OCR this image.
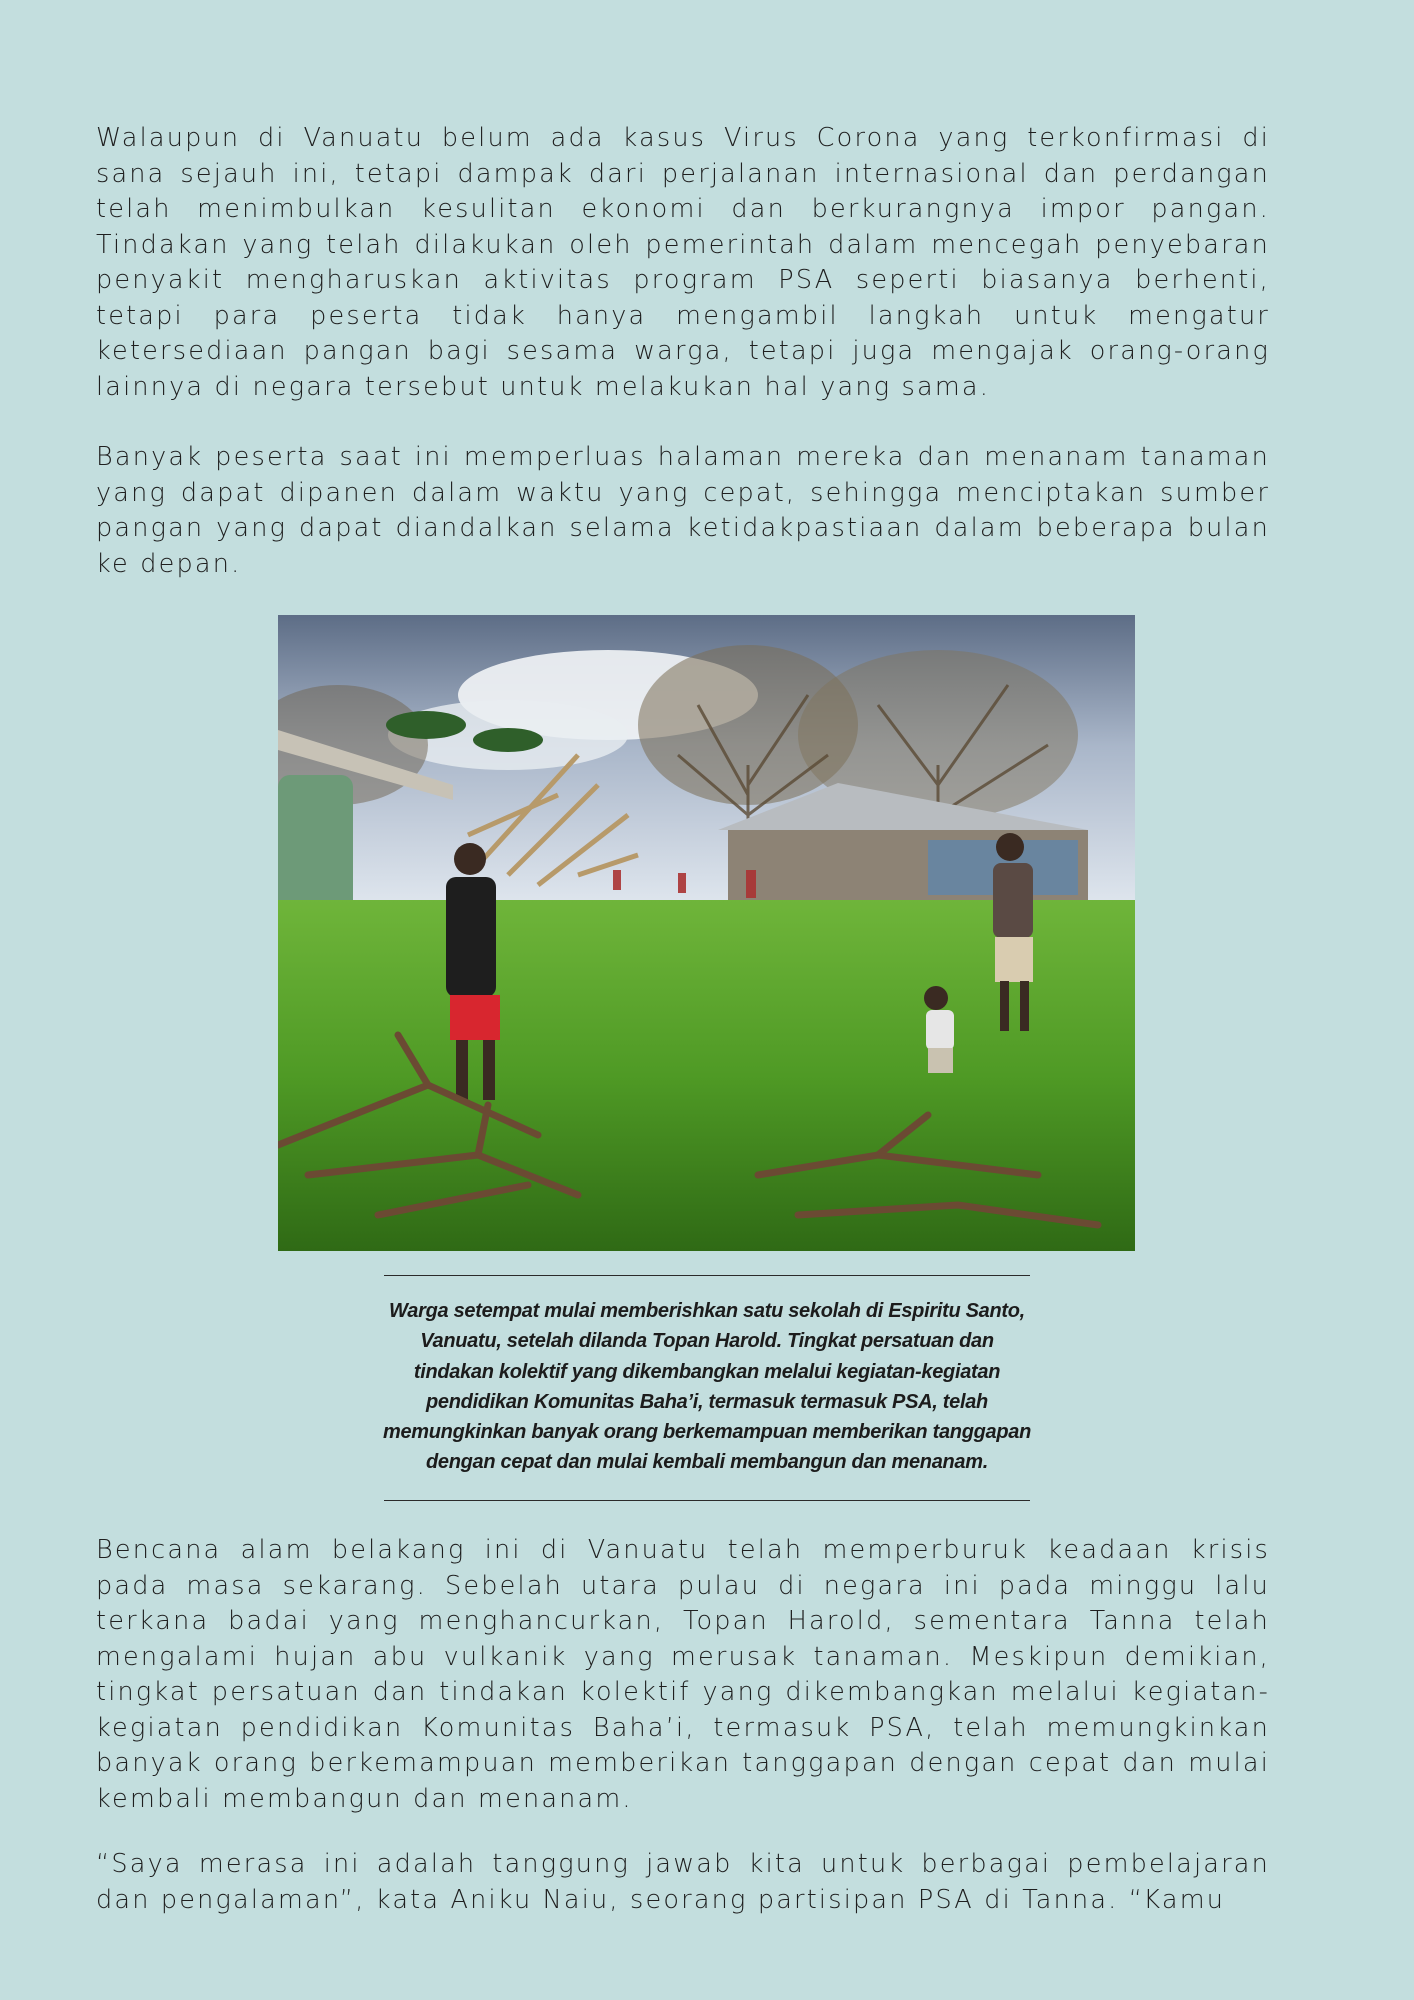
Walaupun di Vanuatu belum ada kasus Virus Corona yang terkonfirmasi di sana sejauh ini, tetapi dampak dari perjalanan internasional dan perdangan telah menimbulkan kesulitan ekonomi dan berkurangnya impor pangan. Tindakan yang telah dilakukan oleh pemerintah dalam mencegah penyebaran penyakit mengharuskan aktivitas program PSA seperti biasanya berhenti, tetapi para peserta tidak hanya mengambil langkah untuk mengatur ketersediaan pangan bagi sesama warga, tetapi juga mengajak orang-orang lainnya di negara tersebut untuk melakukan hal yang sama.

Banyak peserta saat ini memperluas halaman mereka dan menanam tanaman yang dapat dipanen dalam waktu yang cepat, sehingga menciptakan sumber pangan yang dapat diandalkan selama ketidakpastiaan dalam beberapa bulan ke depan.

Warga setempat mulai memberishkan satu sekolah di Espiritu Santo,
Vanuatu, setelah dilanda Topan Harold. Tingkat persatuan dan
tindakan kolektif yang dikembangkan melalui kegiatan-kegiatan
pendidikan Komunitas Baha’i, termasuk termasuk PSA, telah
memungkinkan banyak orang berkemampuan memberikan tanggapan
dengan cepat dan mulai kembali membangun dan menanam.

Bencana alam belakang ini di Vanuatu telah memperburuk keadaan krisis pada masa sekarang. Sebelah utara pulau di negara ini pada minggu lalu terkana badai yang menghancurkan, Topan Harold, sementara Tanna telah mengalami hujan abu vulkanik yang merusak tanaman. Meskipun demikian, tingkat persatuan dan tindakan kolektif yang dikembangkan melalui kegiatan-kegiatan pendidikan Komunitas Baha’i, termasuk PSA, telah memungkinkan banyak orang berkemampuan memberikan tanggapan dengan cepat dan mulai kembali membangun dan menanam.

“Saya merasa ini adalah tanggung jawab kita untuk berbagai pembelajaran dan pengalaman”, kata Aniku Naiu, seorang partisipan PSA di Tanna. “Kamu
